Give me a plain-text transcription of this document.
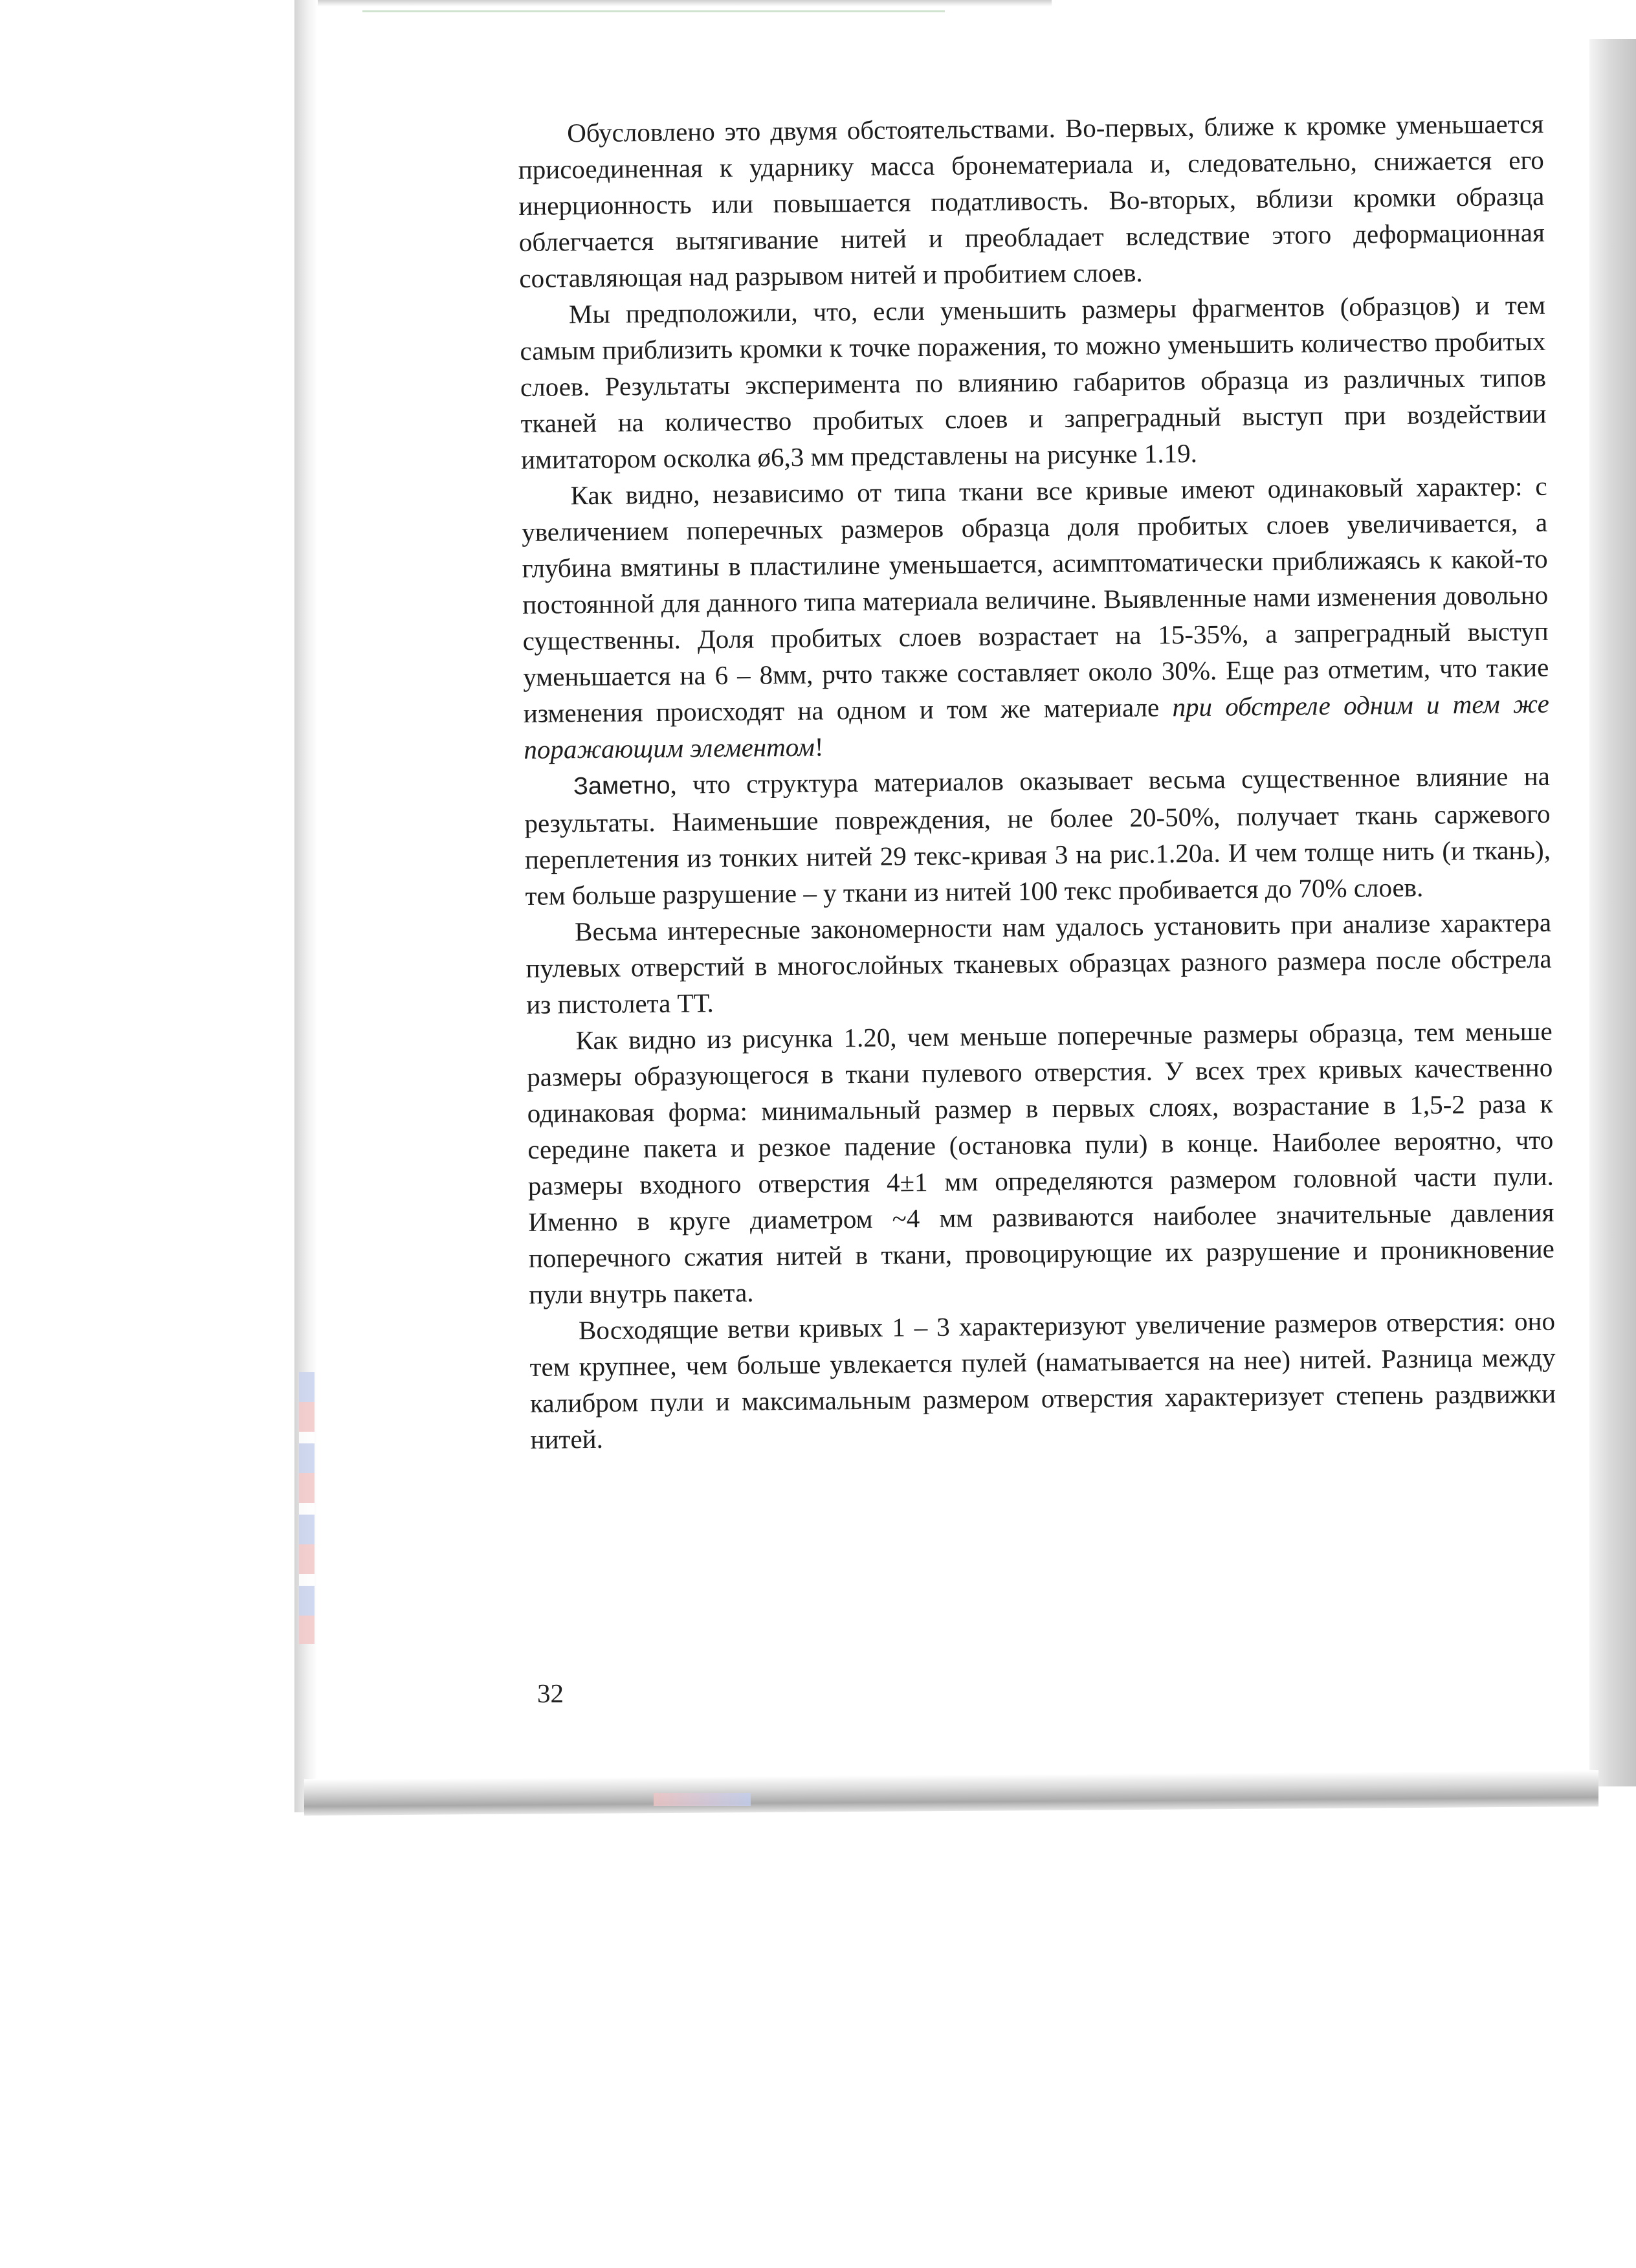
Обусловлено это двумя обстоятельствами. Во-первых, ближе к кромке уменьшается присоединенная к ударнику масса бронематериала и, следовательно, снижается его инерционность или повышается податливость. Во-вторых, вблизи кромки образца облегчается вытягивание нитей и преобладает вследствие этого деформационная составляющая над разрывом нитей и пробитием слоев.

Мы предположили, что, если уменьшить размеры фрагментов (образцов) и тем самым приблизить кромки к точке поражения, то можно уменьшить количество пробитых слоев. Результаты эксперимента по влиянию габаритов образца из различных типов тканей на количество пробитых слоев и запреградный выступ при воздействии имитатором осколка ø6,3 мм представлены на рисунке 1.19.

Как видно, независимо от типа ткани все кривые имеют одинаковый характер: с увеличением поперечных размеров образца доля пробитых слоев увеличивается, а глубина вмятины в пластилине уменьшается, асимптоматически приближаясь к какой-то постоянной для данного типа материала величине. Выявленные нами изменения довольно существенны. Доля пробитых слоев возрастает на 15-35%, а запреградный выступ уменьшается на 6 – 8мм, рчто также составляет около 30%. Еще раз отметим, что такие изменения происходят на одном и том же материале при обстреле одним и тем же поражающим элементом!

Заметно, что структура материалов оказывает весьма существенное влияние на результаты. Наименьшие повреждения, не более 20-50%, получает ткань саржевого переплетения из тонких нитей 29 текс-кривая 3 на рис.1.20а. И чем толще нить (и ткань), тем больше разрушение – у ткани из нитей 100 текс пробивается до 70% слоев.

Весьма интересные закономерности нам удалось установить при анализе характера пулевых отверстий в многослойных тканевых образцах разного размера после обстрела из пистолета ТТ.

Как видно из рисунка 1.20, чем меньше поперечные размеры образца, тем меньше размеры образующегося в ткани пулевого отверстия. У всех трех кривых качественно одинаковая форма: минимальный размер в первых слоях, возрастание в 1,5-2 раза к середине пакета и резкое падение (остановка пули) в конце. Наиболее вероятно, что размеры входного отверстия 4±1 мм определяются размером головной части пули. Именно в круге диаметром ~4 мм развиваются наиболее значительные давления поперечного сжатия нитей в ткани, провоцирующие их разрушение и проникновение пули внутрь пакета.

Восходящие ветви кривых 1 – 3 характеризуют увеличение размеров отверстия: оно тем крупнее, чем больше увлекается пулей (наматывается на нее) нитей. Разница между калибром пули и максимальным размером отверстия характеризует степень раздвижки нитей.

32
